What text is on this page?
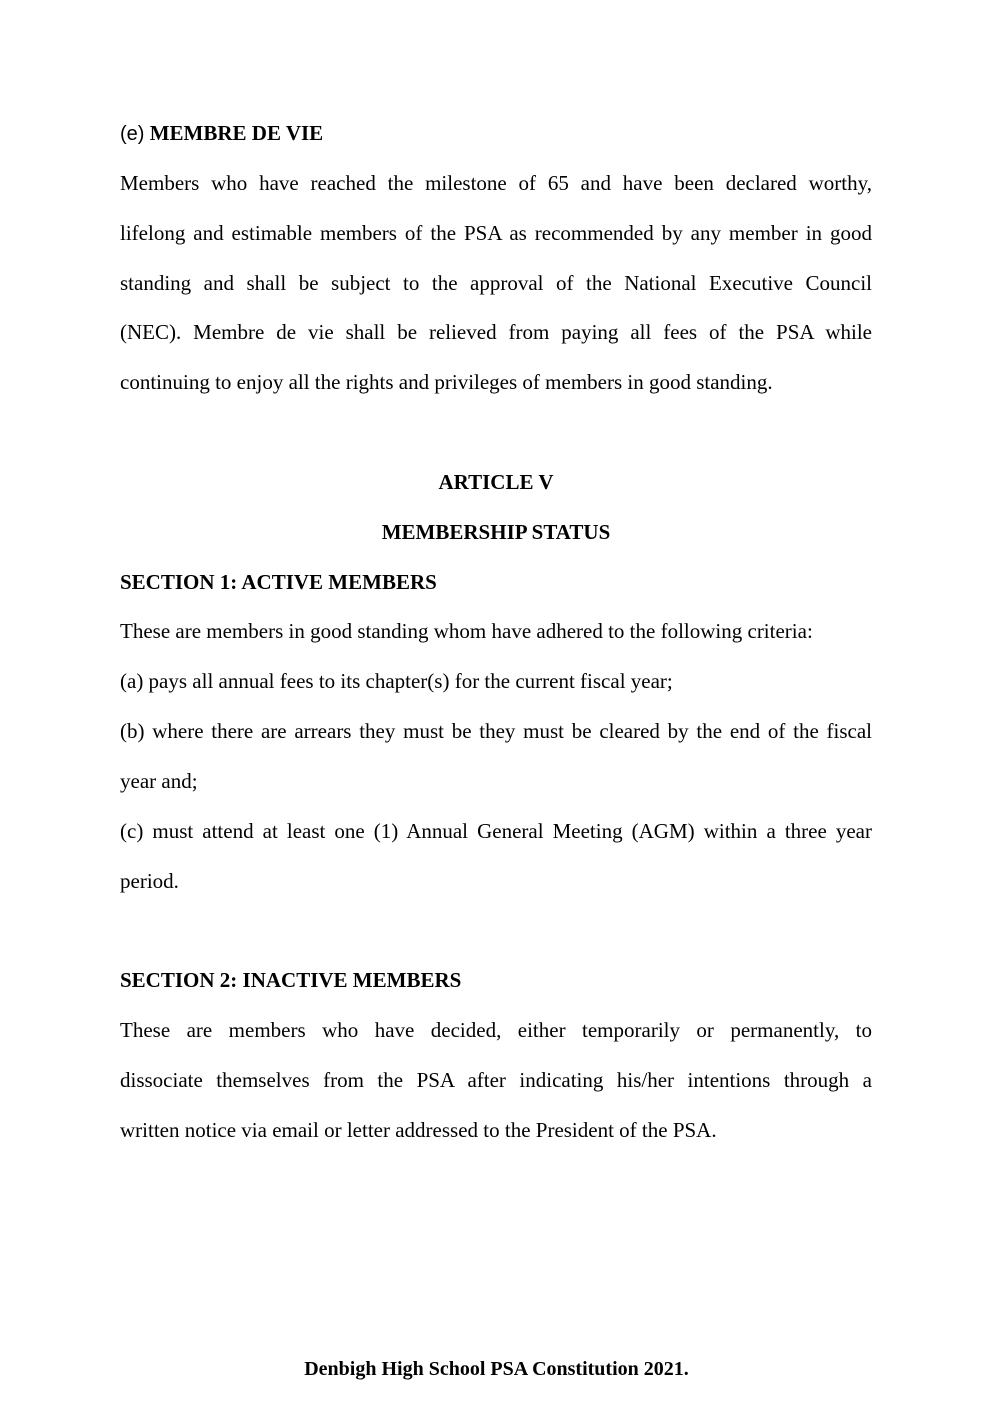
(e) MEMBRE DE VIE
Members who have reached the milestone of 65 and have been declared worthy,
lifelong and estimable members of the PSA as recommended by any member in good
standing and shall be subject to the approval of the National Executive Council
(NEC). Membre de vie shall be relieved from paying all fees of the PSA while
continuing to enjoy all the rights and privileges of members in good standing.
ARTICLE V
MEMBERSHIP STATUS
SECTION 1: ACTIVE MEMBERS
These are members in good standing whom have adhered to the following criteria:
(a) pays all annual fees to its chapter(s) for the current fiscal year;
(b) where there are arrears they must be they must be cleared by the end of the fiscal
year and;
(c) must attend at least one (1) Annual General Meeting (AGM) within a three year
period.
SECTION 2: INACTIVE MEMBERS
These are members who have decided, either temporarily or permanently, to
dissociate themselves from the PSA after indicating his/her intentions through a
written notice via email or letter addressed to the President of the PSA.
Denbigh High School PSA Constitution 2021.
